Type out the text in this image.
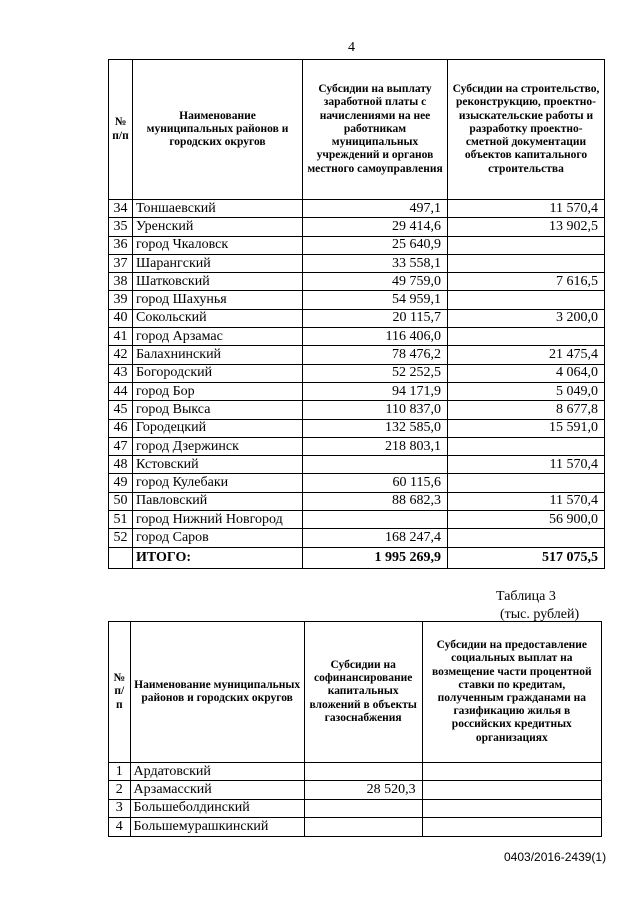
4
№ п/п	Наименование муниципальных районов и городских округов	Субсидии на выплату заработной платы с начислениями на нее работникам муниципальных учреждений и органов местного самоуправления	Субсидии на строительство, реконструкцию, проектно-изыскательские работы и разработку проектно-сметной документации объектов капитального строительства
34	Тоншаевский	497,1	11 570,4
35	Уренский	29 414,6	13 902,5
36	город Чкаловск	25 640,9	
37	Шарангский	33 558,1	
38	Шатковский	49 759,0	7 616,5
39	город Шахунья	54 959,1	
40	Сокольский	20 115,7	3 200,0
41	город Арзамас	116 406,0	
42	Балахнинский	78 476,2	21 475,4
43	Богородский	52 252,5	4 064,0
44	город Бор	94 171,9	5 049,0
45	город Выкса	110 837,0	8 677,8
46	Городецкий	132 585,0	15 591,0
47	город Дзержинск	218 803,1	
48	Кстовский		11 570,4
49	город Кулебаки	60 115,6	
50	Павловский	88 682,3	11 570,4
51	город Нижний Новгород		56 900,0
52	город Саров	168 247,4	
	ИТОГО:	1 995 269,9	517 075,5
Таблица 3
(тыс. рублей)
№ п/п	Наименование муниципальных районов и городских округов	Субсидии на софинансирование капитальных вложений в объекты газоснабжения	Субсидии на предоставление социальных выплат на возмещение части процентной ставки по кредитам, полученным гражданами на газификацию жилья в российских кредитных организациях
1	Ардатовский		
2	Арзамасский	28 520,3	
3	Большеболдинский		
4	Большемурашкинский		
0403/2016-2439(1)
